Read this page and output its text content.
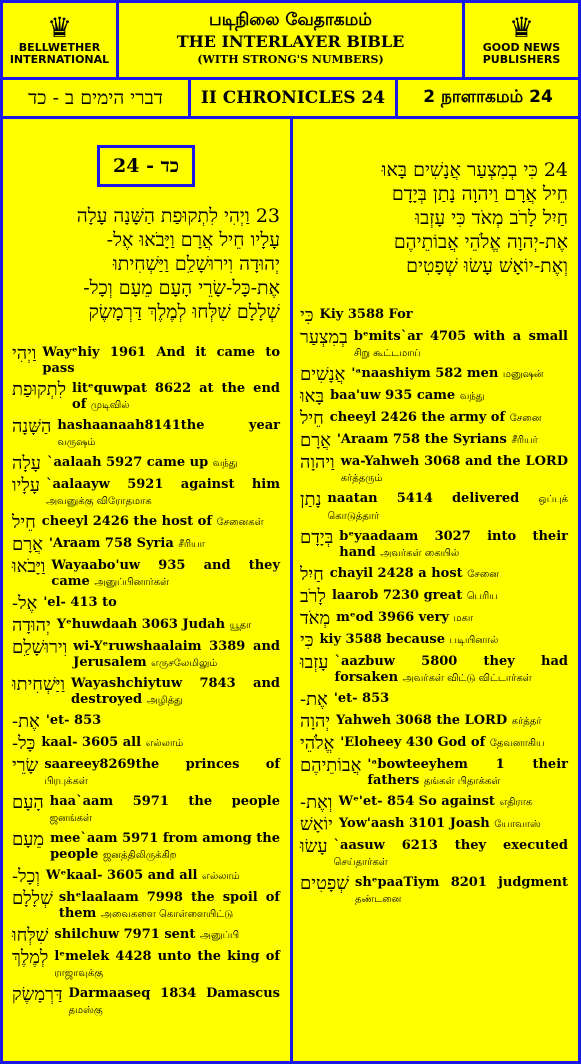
♛
BELLWETHER
INTERNATIONAL
படிநிலை வேதாகமம்
THE INTERLAYER BIBLE
(WITH STRONG'S NUMBERS)
♛
GOOD NEWS
PUBLISHERS
דברי הימים ב - כד II CHRONICLES 24 2 நாளாகமம் 24
כד - 24
23 וַיְהִי לִתְקוּפַת הַשָּׁנָה עָלָה
עָלָיו חֵיל אֲרָם וַיָּבֹאוּ אֶל-
יְהוּדָה וִירוּשָׁלַ͏ִם וַיַּשְׁחִיתוּ
אֶת-כָּל-שָׂרֵי הָעָם מֵעָם וְכָל-
שְׁלָלָם שִׁלְּחוּ לְמֶלֶךְ דַּרְמָשֶׂק
וַיְהִי Wayᵉhiy 1961 And it came to pass
לִתְקוּפַת litᵉquwpat 8622 at the end of முடிவில்
הַשָּׁנָה hashaanaah8141the year வருஷம்
עָלָה `aalaah 5927 came up வந்து
עָלָיו `aalaayw 5921 against him அவனுக்கு விரோதமாக
חֵיל cheeyl 2426 the host of சேனைகள்
אֲרָם 'Araam 758 Syria சீரியா
וַיָּבֹאוּ Wayaabo'uw 935 and they came அனுப்பினார்கள்
אֶל- 'el- 413 to
יְהוּדָה Yᵉhuwdaah 3063 Judah யூதா
וִירוּשָׁלַ͏ִם wi-Yᵉruwshaalaim 3389 and Jerusalem எருசலேமிலும்
וַיַּשְׁחִיתוּ Wayashchiytuw 7843 and destroyed அழித்து
אֶת- 'et- 853
כָּל- kaal- 3605 all எல்லாம்
שָׂרֵי saareey8269the princes of பிரபுக்கள்
הָעָם haa`aam 5971 the people ஜனங்கள்
מֵעָם mee`aam 5971 from among the people ஜனத்திலிருக்கிற
וְכָל- Wᵉkaal- 3605 and all எல்லாம்
שְׁלָלָם shᵉlaalaam 7998 the spoil of them அவைகளை கொள்ளையிட்டு
שִׁלְּחוּ shilchuw 7971 sent அனுப்பி
לְמֶלֶךְ lᵉmelek 4428 unto the king of ராஜாவுக்கு
דַּרְמָשֶׂק Darmaaseq 1834 Damascus தமஸ்கு
24 כִּי בְמִצְעַר אֲנָשִׁים בָּאוּ
חֵיל אֲרָם וַיהוָה נָתַן בְּיָדָם
חַיִל לָרֹב מְאֹד כִּי עָזְבוּ
אֶת-יְהוָה אֱלֹהֵי אֲבוֹתֵיהֶם
וְאֶת-יוֹאָשׁ עָשׂוּ שְׁפָטִים
כִּי Kiy 3588 For
בְמִצְעַר bᵉmits`ar 4705 with a small சிறு கூட்டமாய்
אֲנָשִׁים 'ᵃnaashiym 582 men மனுஷன்
בָּאוּ baa'uw 935 came வந்து
חֵיל cheeyl 2426 the army of சேனை
אֲרָם 'Araam 758 the Syrians சீரியர்
וַיהוָה wa-Yahweh 3068 and the LORD கர்த்தரும்
נָתַן naatan 5414 delivered ஒப்புக் கொடுத்தார்
בְּיָדָם bᵉyaadaam 3027 into their hand அவர்கள் கையில்
חַיִל chayil 2428 a host சேனை
לָרֹב laarob 7230 great பெரிய
מְאֹד mᵉod 3966 very மகா
כִּי kiy 3588 because படியினால்
עָזְבוּ `aazbuw 5800 they had forsaken அவர்கள் விட்டு விட்டார்கள்
אֶת- 'et- 853
יְהוָה Yahweh 3068 the LORD கர்த்தர்
אֱלֹהֵי 'Eloheey 430 God of தேவனாகிய
אֲבוֹתֵיהֶם 'ᵃbowteeyhem 1 their fathers தங்கள் பிதாக்கள்
וְאֶת- Wᵉ'et- 854 So against எதிராக
יוֹאָשׁ Yow'aash 3101 Joash யோவாஸ்
עָשׂוּ `aasuw 6213 they executed செய்தார்கள்
שְׁפָטִים shᵉpaaTiym 8201 judgment தண்டனை
